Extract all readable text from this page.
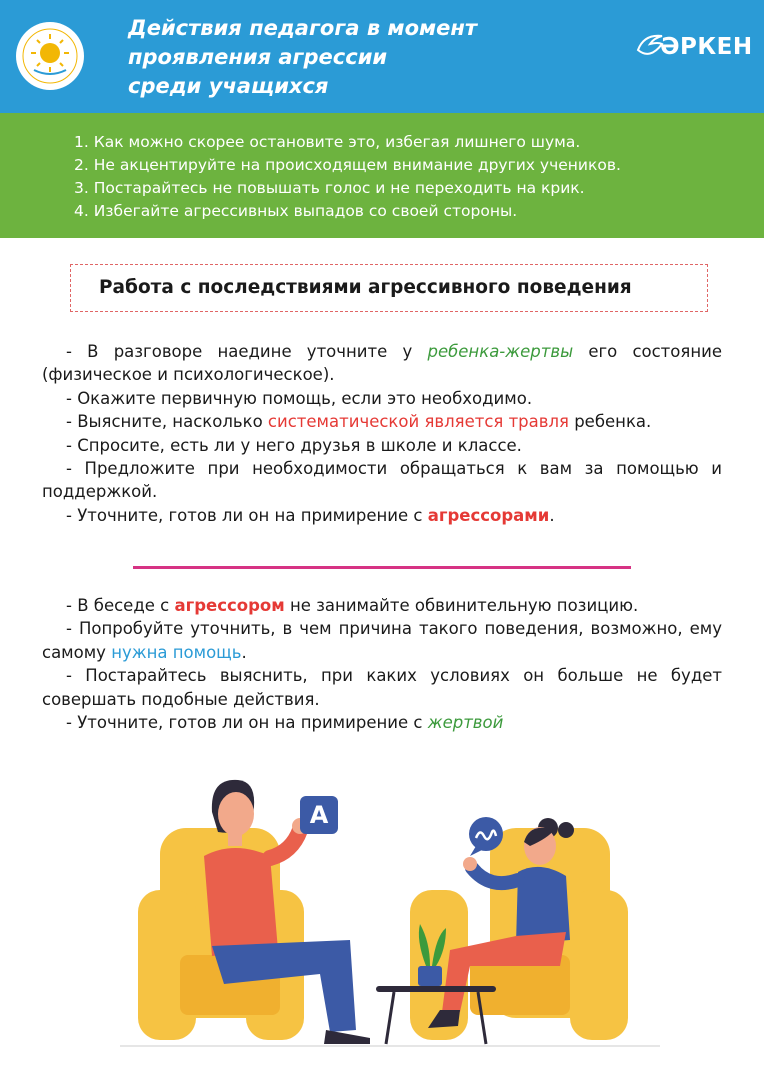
Действия педагога в момент
проявления агрессии
среди учащихся
ӘРКЕН
1. Как можно скорее остановите это, избегая лишнего шума.
2. Не акцентируйте на происходящем внимание других учеников.
3. Постарайтесь не повышать голос и не переходить на крик.
4. Избегайте агрессивных выпадов со своей стороны.
Работа с последствиями агрессивного поведения

- В разговоре наедине уточните у ребенка-жертвы его состояние (физическое и психологическое).

- Окажите первичную помощь, если это необходимо.

- Выясните, насколько систематической является травля ребенка.

- Спросите, есть ли у него друзья в школе и классе.

- Предложите при необходимости обращаться к вам за помощью и поддержкой.

- Уточните, готов ли он на примирение с агрессорами.

- В беседе с агрессором не занимайте обвинительную позицию.

- Попробуйте уточнить, в чем причина такого поведения, возможно, ему самому нужна помощь.

- Постарайтесь выяснить, при каких условиях он больше не будет совершать подобные действия.

- Уточните, готов ли он на примирение с жертвой

A
